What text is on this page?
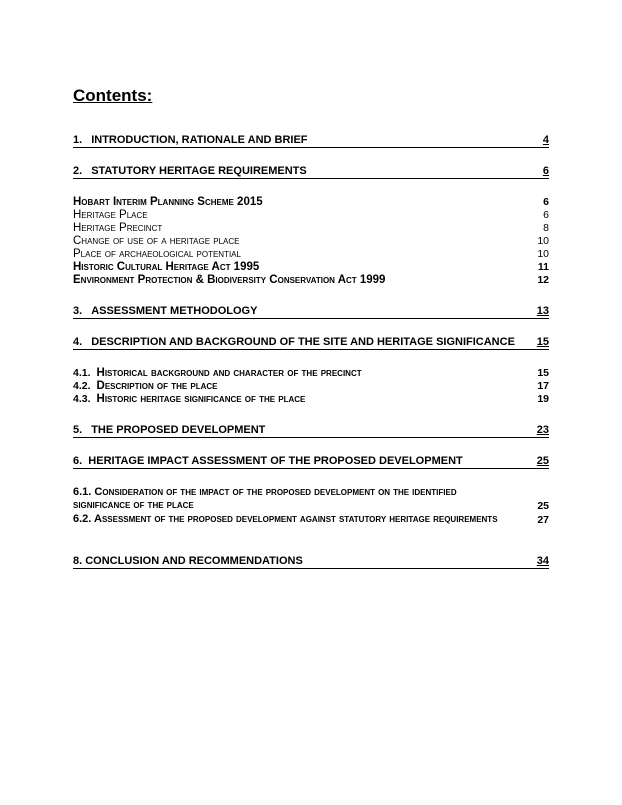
Contents:
1. INTRODUCTION, RATIONALE AND BRIEF	4
2. STATUTORY HERITAGE REQUIREMENTS	6
Hobart Interim Planning Scheme 2015	6
Heritage Place	6
Heritage Precinct	8
Change of use of a heritage place	10
Place of archaeological potential	10
Historic Cultural Heritage Act 1995	11
Environment Protection & Biodiversity Conservation Act 1999	12
3. ASSESSMENT METHODOLOGY	13
4. DESCRIPTION AND BACKGROUND OF THE SITE AND HERITAGE SIGNIFICANCE 15
4.1. Historical background and character of the precinct	15
4.2. Description of the place	17
4.3. Historic heritage significance of the place	19
5. THE PROPOSED DEVELOPMENT	23
6.  HERITAGE IMPACT ASSESSMENT OF THE PROPOSED DEVELOPMENT	25
6.1. Consideration of the impact of the proposed development on the identified significance of the place	25
6.2. Assessment of the proposed development against statutory heritage requirements	27
8. CONCLUSION AND RECOMMENDATIONS	34
